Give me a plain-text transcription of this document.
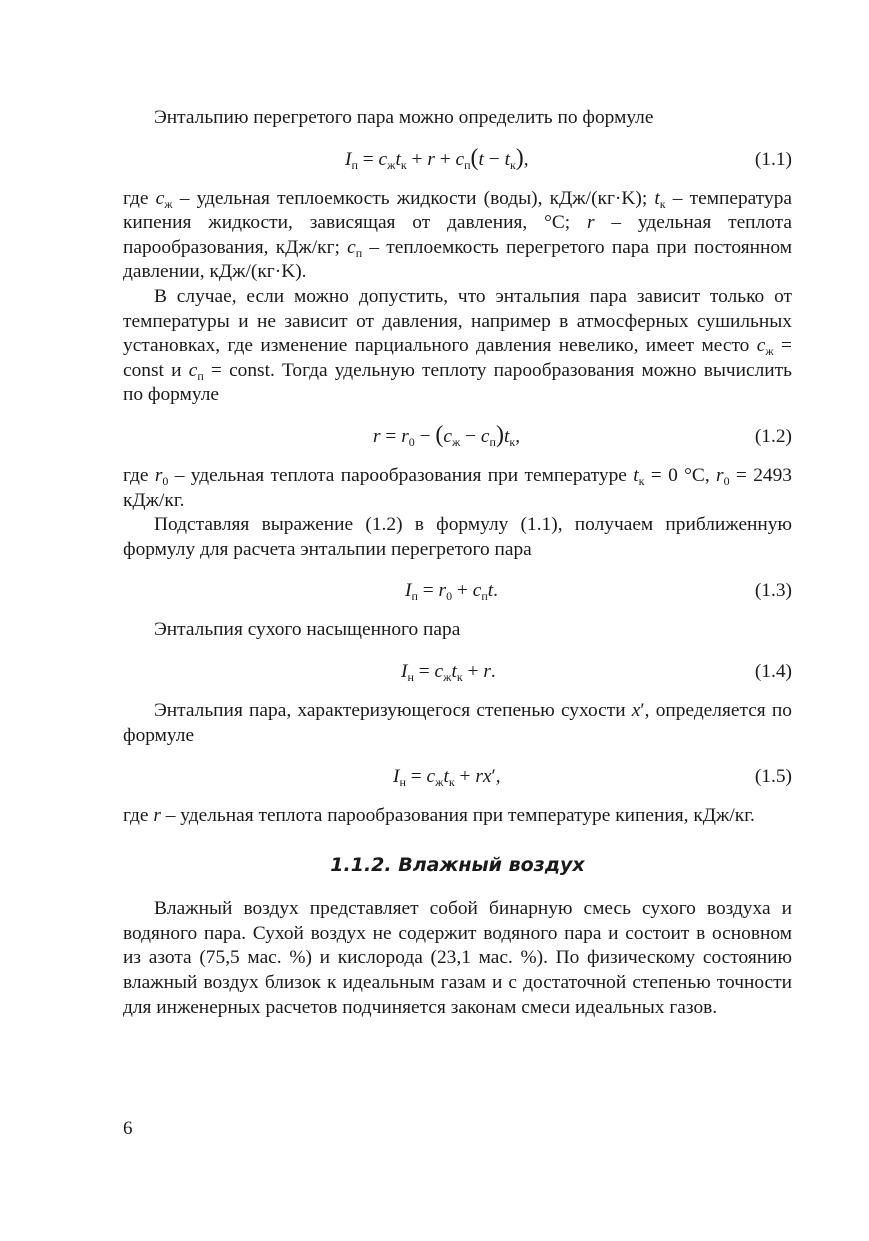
Энтальпию перегретого пара можно определить по формуле

$I_п = c_жt_к + r + c_п(t - t_к)$,	(1.1)

где $c_ж$ – удельная теплоемкость жидкости (воды), кДж/(кг·K); $t_к$ – температура кипения жидкости, зависящая от давления, °C; r – удельная теплота парообразования, кДж/кг; $c_п$ – теплоемкость перегретого пара при постоянном давлении, кДж/(кг·K).

В случае, если можно допустить, что энтальпия пара зависит только от температуры и не зависит от давления, например в атмосферных сушильных установках, где изменение парциального давления невелико, имеет место $c_ж$ = const и $c_п$ = const. Тогда удельную теплоту парообразования можно вычислить по формуле

$r = r_0 - (c_ж - c_п)t_к$,	(1.2)

где $r_0$ – удельная теплота парообразования при температуре $t_к = 0$ °C, $r_0 = 2493$ кДж/кг.

Подставляя выражение (1.2) в формулу (1.1), получаем приближенную формулу для расчета энтальпии перегретого пара

$I_п = r_0 + c_пt$.	(1.3)

Энтальпия сухого насыщенного пара

$I_н = c_жt_к + r$.	(1.4)

Энтальпия пара, характеризующегося степенью сухости x′, определяется по формуле

$I_н = c_жt_к + rx'$,	(1.5)

где r – удельная теплота парообразования при температуре кипения, кДж/кг.

1.1.2. Влажный воздух

Влажный воздух представляет собой бинарную смесь сухого воздуха и водяного пара. Сухой воздух не содержит водяного пара и состоит в основном из азота (75,5 мас. %) и кислорода (23,1 мас. %). По физическому состоянию влажный воздух близок к идеальным газам и с достаточной степенью точности для инженерных расчетов подчиняется законам смеси идеальных газов.

6
